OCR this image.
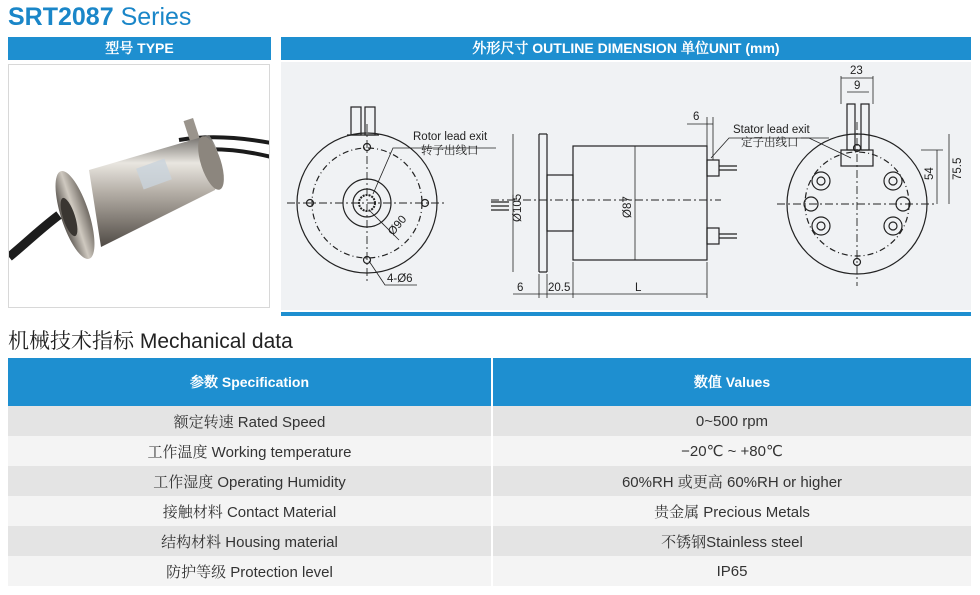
SRT2087 Series
型号 TYPE	外形尺寸 OUTLINE DIMENSION 单位UNIT (mm)
Rotor lead exit
转子出线口
Ø90
4-Ø6
Ø105	Ø87
6
6 20.5	L
Stator lead exit
定子出线口
23
9
54 75.5
机械技术指标 Mechanical data
参数 Specification	数值 Values
额定转速 Rated Speed	0~500 rpm
工作温度 Working temperature	−20℃ ~ +80℃
工作湿度 Operating Humidity	60%RH 或更高 60%RH or higher
接触材料 Contact Material	贵金属 Precious Metals
结构材料 Housing material	不锈钢Stainless steel
防护等级 Protection level	IP65
